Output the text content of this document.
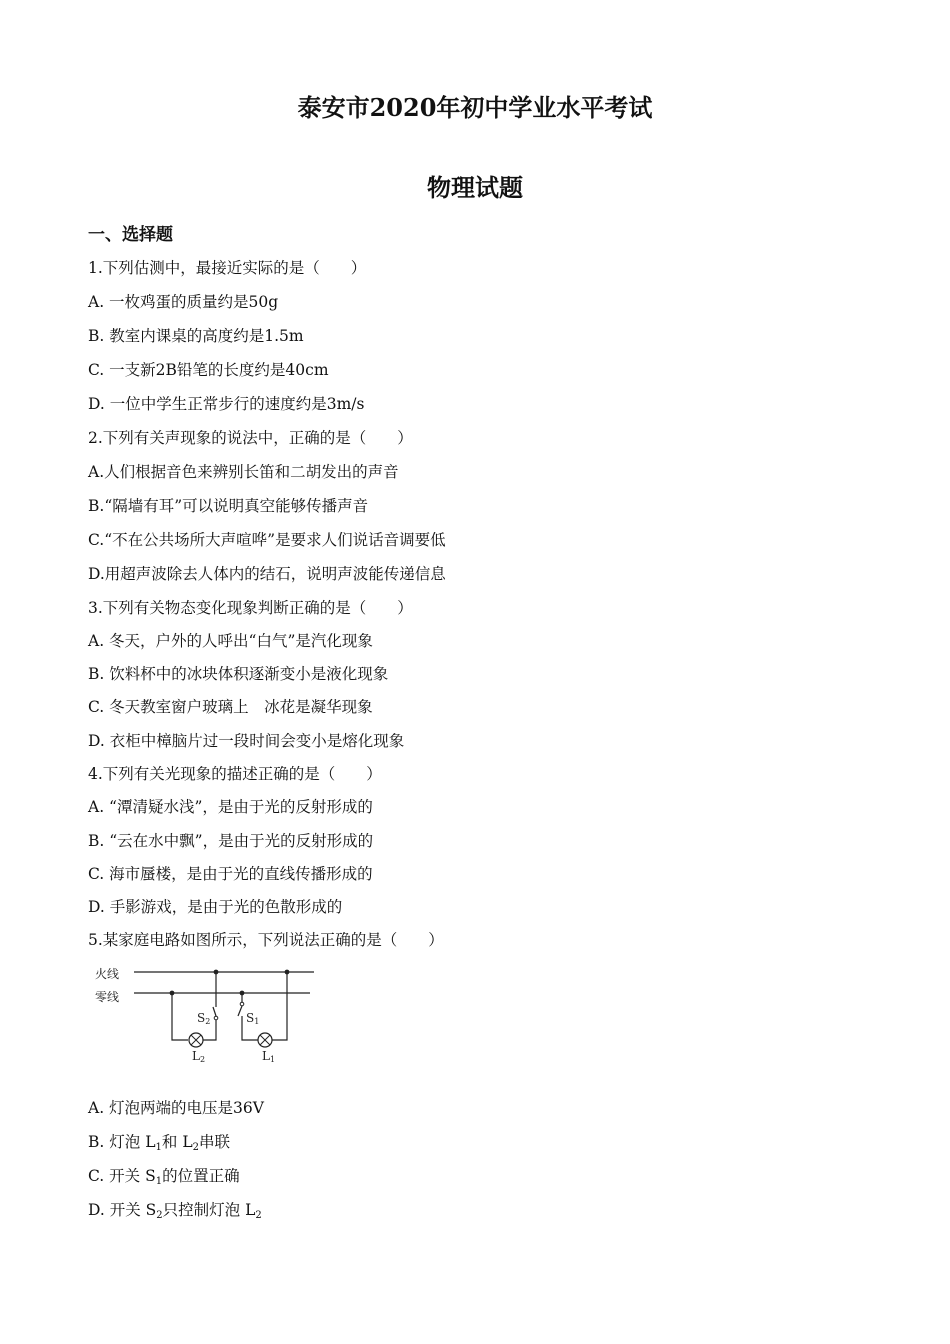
泰安市2020年初中学业水平考试
物理试题
一、选择题
1.下列估测中，最接近实际的是（　　）
A. 一枚鸡蛋的质量约是50g
B. 教室内课桌的高度约是1.5m
C. 一支新2B铅笔的长度约是40cm
D. 一位中学生正常步行的速度约是3m/s
2.下列有关声现象的说法中，正确的是（　　）
A.人们根据音色来辨别长笛和二胡发出的声音
B.“隔墙有耳”可以说明真空能够传播声音
C.“不在公共场所大声喧哗”是要求人们说话音调要低
D.用超声波除去人体内的结石，说明声波能传递信息
3.下列有关物态变化现象判断正确的是（　　）
A. 冬天，户外的人呼出“白气”是汽化现象
B. 饮料杯中的冰块体积逐渐变小是液化现象
C. 冬天教室窗户玻璃上　冰花是凝华现象
D. 衣柜中樟脑片过一段时间会变小是熔化现象
4.下列有关光现象的描述正确的是（　　）
A. “潭清疑水浅”，是由于光的反射形成的
B. “云在水中飘”，是由于光的反射形成的
C. 海市蜃楼，是由于光的直线传播形成的
D. 手影游戏，是由于光的色散形成的
5.某家庭电路如图所示，下列说法正确的是（　　）
火线
零线
S2
L2
S1
L1
A. 灯泡两端的电压是36V
B. 灯泡 $L_1$和 $L_2$串联
C. 开关 $S_1$的位置正确
D. 开关 $S_2$只控制灯泡 $L_2$
